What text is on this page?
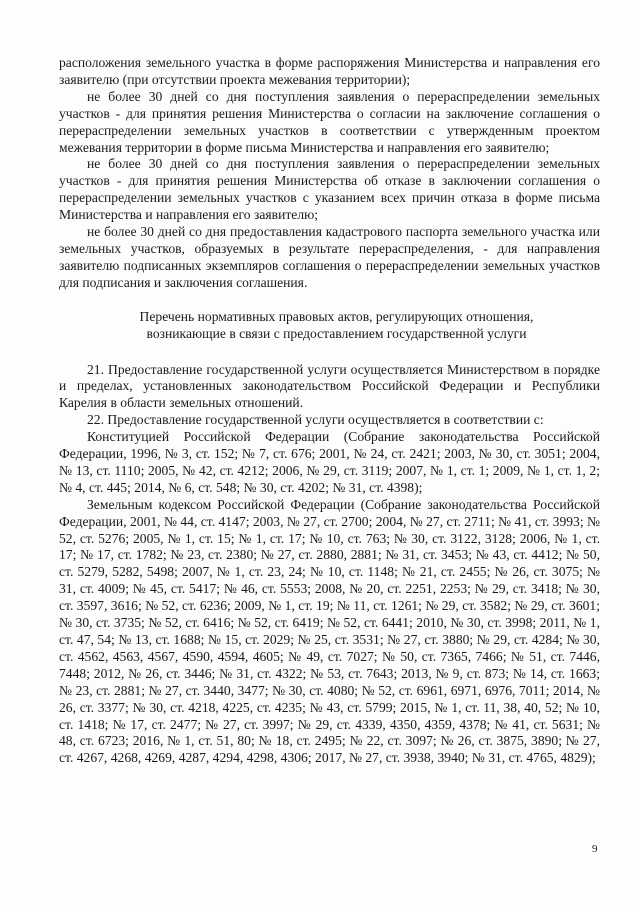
расположения земельного участка в форме распоряжения Министерства и направления его заявителю (при отсутствии проекта межевания территории);

не более 30 дней со дня поступления заявления о перераспределении земельных участков - для принятия решения Министерства о согласии на заключение соглашения о перераспределении земельных участков в соответствии с утвержденным проектом межевания территории в форме письма Министерства и направления его заявителю;

не более 30 дней со дня поступления заявления о перераспределении земельных участков - для принятия решения Министерства об отказе в заключении соглашения о перераспределении земельных участков с указанием всех причин отказа в форме письма Министерства и направления его заявителю;

не более 30 дней со дня предоставления кадастрового паспорта земельного участка или земельных участков, образуемых в результате перераспределения, - для направления заявителю подписанных экземпляров соглашения о перераспределении земельных участков для подписания и заключения соглашения.

Перечень нормативных правовых актов, регулирующих отношения,

возникающие в связи с предоставлением государственной услуги

21. Предоставление государственной услуги осуществляется Министерством в порядке и пределах, установленных законодательством Российской Федерации и Республики Карелия в области земельных отношений.

22. Предоставление государственной услуги осуществляется в соответствии с:

Конституцией Российской Федерации (Собрание законодательства Российской Федерации, 1996, № 3, ст. 152; № 7, ст. 676; 2001, № 24, ст. 2421; 2003, № 30, ст. 3051; 2004, № 13, ст. 1110; 2005, № 42, ст. 4212; 2006, № 29, ст. 3119; 2007, № 1, ст. 1; 2009, № 1, ст. 1, 2; № 4, ст. 445; 2014, № 6, ст. 548; № 30, ст. 4202; № 31, ст. 4398);

Земельным кодексом Российской Федерации (Собрание законодательства Российской Федерации, 2001, № 44, ст. 4147; 2003, № 27, ст. 2700; 2004, № 27, ст. 2711; № 41, ст. 3993; № 52, ст. 5276; 2005, № 1, ст. 15; № 1, ст. 17; № 10, ст. 763; № 30, ст. 3122, 3128; 2006, № 1, ст. 17; № 17, ст. 1782; № 23, ст. 2380; № 27, ст. 2880, 2881; № 31, ст. 3453; № 43, ст. 4412; № 50, ст. 5279, 5282, 5498; 2007, № 1, ст. 23, 24; № 10, ст. 1148; № 21, ст. 2455; № 26, ст. 3075; № 31, ст. 4009; № 45, ст. 5417; № 46, ст. 5553; 2008, № 20, ст. 2251, 2253; № 29, ст. 3418; № 30, ст. 3597, 3616; № 52, ст. 6236; 2009, № 1, ст. 19; № 11, ст. 1261; № 29, ст. 3582; № 29, ст. 3601; № 30, ст. 3735; № 52, ст. 6416; № 52, ст. 6419; № 52, ст. 6441; 2010, № 30, ст. 3998; 2011, № 1, ст. 47, 54; № 13, ст. 1688; № 15, ст. 2029; № 25, ст. 3531; № 27, ст. 3880; № 29, ст. 4284; № 30, ст. 4562, 4563, 4567, 4590, 4594, 4605; № 49, ст. 7027; № 50, ст. 7365, 7466; № 51, ст. 7446, 7448; 2012, № 26, ст. 3446; № 31, ст. 4322; № 53, ст. 7643; 2013, № 9, ст. 873; № 14, ст. 1663; № 23, ст. 2881; № 27, ст. 3440, 3477; № 30, ст. 4080; № 52, ст. 6961, 6971, 6976, 7011; 2014, № 26, ст. 3377; № 30, ст. 4218, 4225, ст. 4235; № 43, ст. 5799; 2015, № 1, ст. 11, 38, 40, 52; № 10, ст. 1418; № 17, ст. 2477; № 27, ст. 3997; № 29, ст. 4339, 4350, 4359, 4378; № 41, ст. 5631; № 48, ст. 6723; 2016, № 1, ст. 51, 80; № 18, ст. 2495; № 22, ст. 3097; № 26, ст. 3875, 3890; № 27, ст. 4267, 4268, 4269, 4287, 4294, 4298, 4306; 2017, № 27, ст. 3938, 3940; № 31, ст. 4765, 4829);

9
